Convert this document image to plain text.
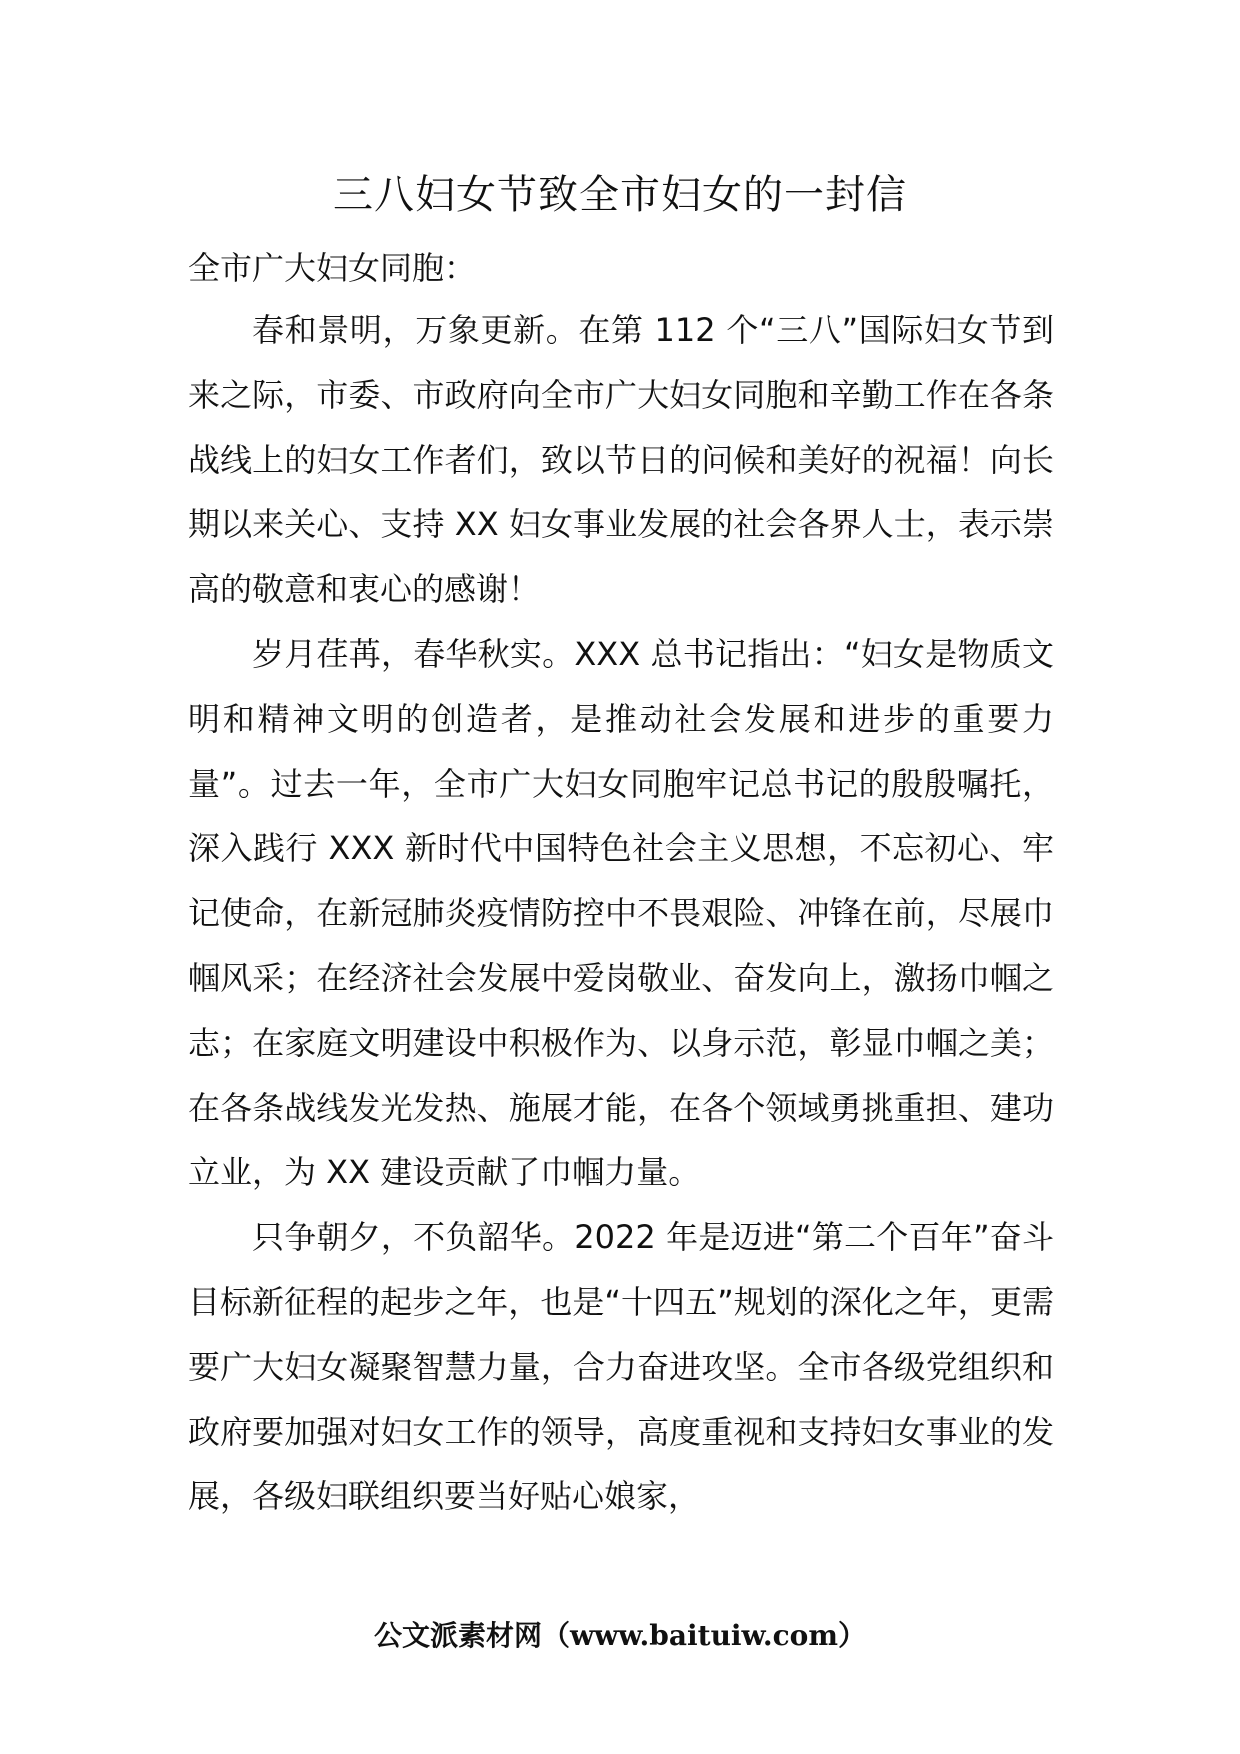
三八妇女节致全市妇女的一封信

全市广大妇女同胞：

春和景明，万象更新。在第 112 个“三八”国际妇女节到来之际，市委、市政府向全市广大妇女同胞和辛勤工作在各条战线上的妇女工作者们，致以节日的问候和美好的祝福！向长期以来关心、支持 XX 妇女事业发展的社会各界人士，表示崇高的敬意和衷心的感谢！

岁月荏苒，春华秋实。XXX 总书记指出：“妇女是物质文明和精神文明的创造者，是推动社会发展和进步的重要力量”。过去一年，全市广大妇女同胞牢记总书记的殷殷嘱托，深入践行 XXX 新时代中国特色社会主义思想，不忘初心、牢记使命，在新冠肺炎疫情防控中不畏艰险、冲锋在前，尽展巾帼风采；在经济社会发展中爱岗敬业、奋发向上，激扬巾帼之志；在家庭文明建设中积极作为、以身示范，彰显巾帼之美；在各条战线发光发热、施展才能，在各个领域勇挑重担、建功立业，为 XX 建设贡献了巾帼力量。

只争朝夕，不负韶华。2022 年是迈进“第二个百年”奋斗目标新征程的起步之年，也是“十四五”规划的深化之年，更需要广大妇女凝聚智慧力量，合力奋进攻坚。全市各级党组织和政府要加强对妇女工作的领导，高度重视和支持妇女事业的发展，各级妇联组织要当好贴心娘家，

公文派素材网（www.baituiw.com）
